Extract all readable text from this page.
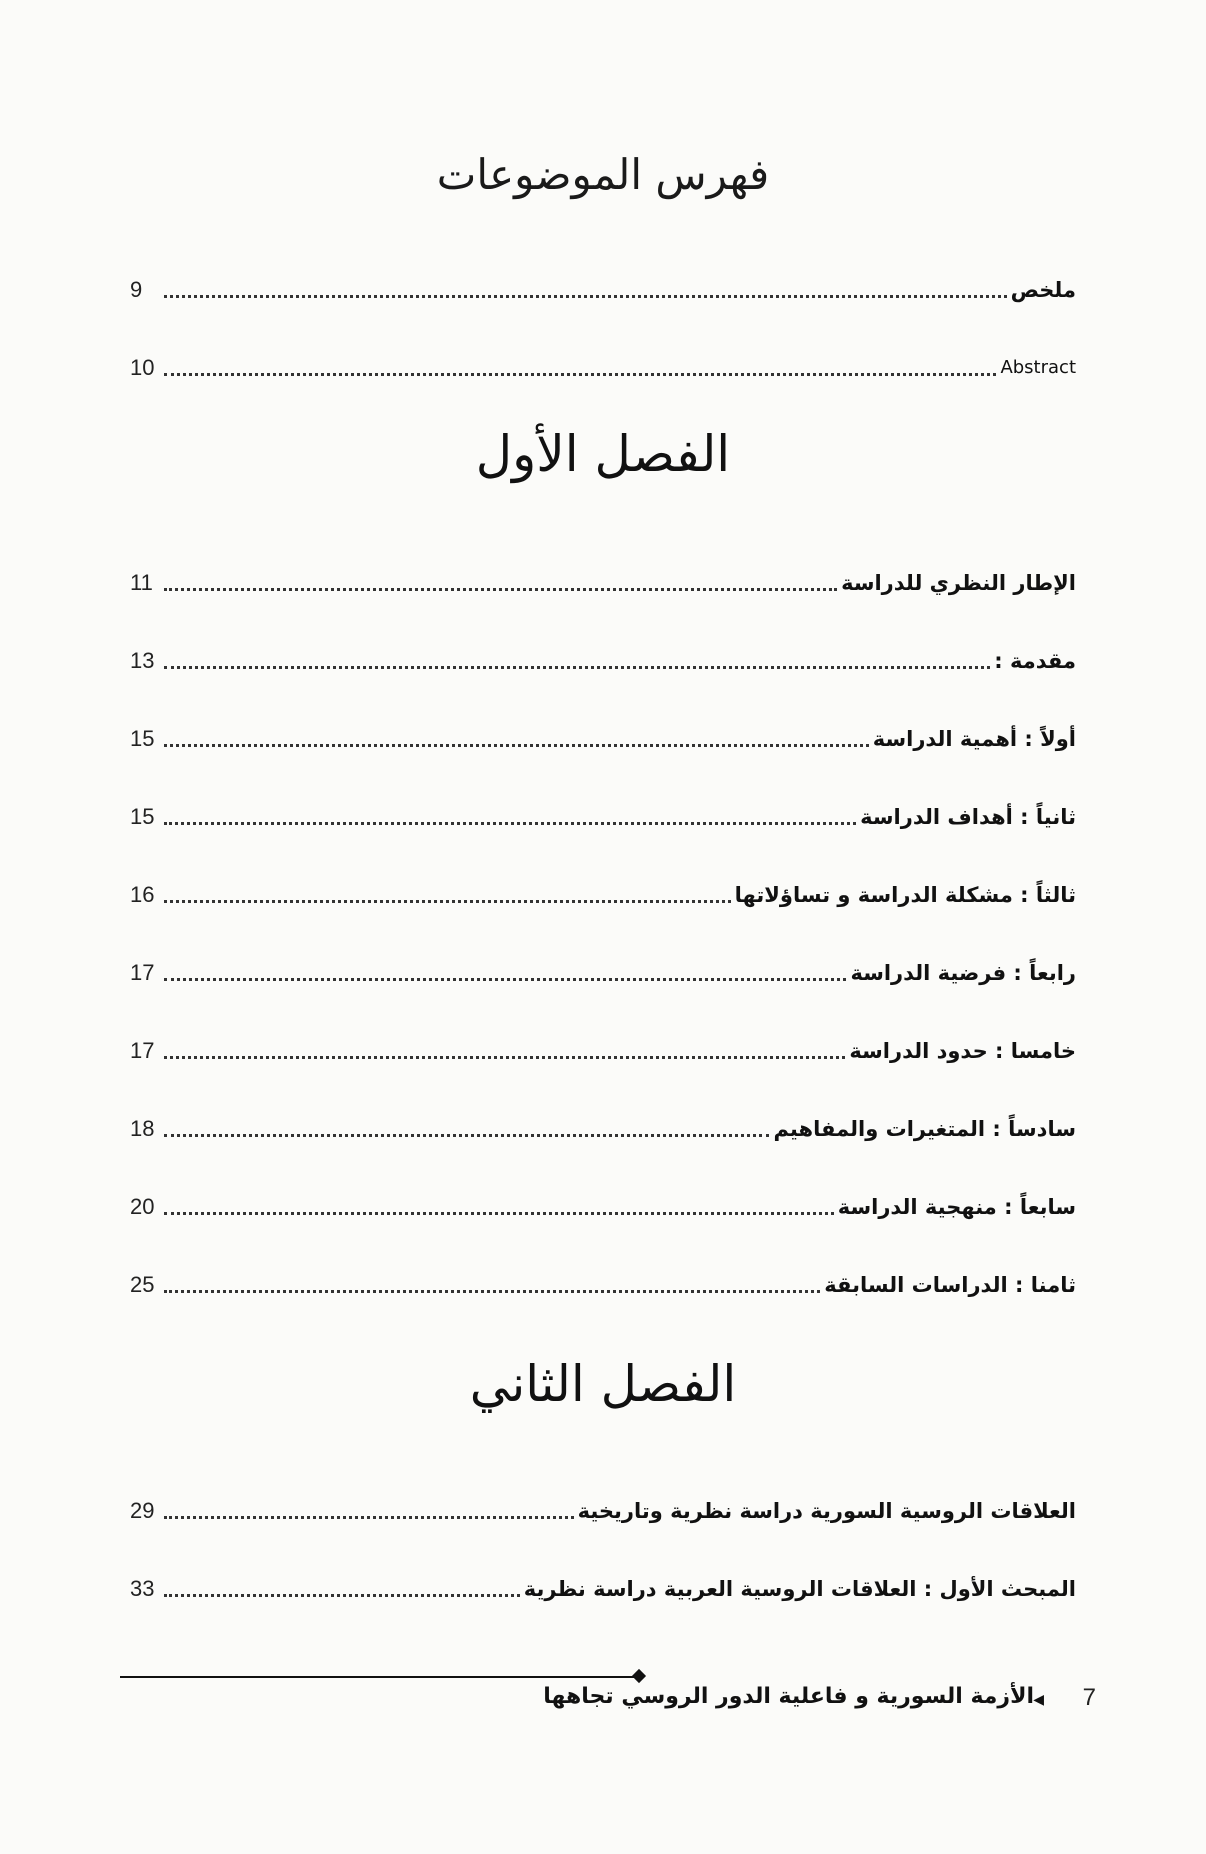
فهرس الموضوعات
ملخص
9
Abstract
10
الفصل الأول
الإطار النظري للدراسة
11
مقدمة :
13
أولاً : أهمية الدراسة
15
ثانياً : أهداف الدراسة
15
ثالثاً : مشكلة الدراسة و تساؤلاتها
16
رابعاً : فرضية الدراسة
17
خامسا : حدود الدراسة
17
سادساً : المتغيرات والمفاهيم
18
سابعاً : منهجية الدراسة
20
ثامنا : الدراسات السابقة
25
الفصل الثاني
العلاقات الروسية السورية دراسة نظرية وتاريخية
29
المبحث الأول : العلاقات الروسية العربية دراسة نظرية
33
الأزمة السورية و فاعلية الدور الروسي تجاهها ◀ 7
